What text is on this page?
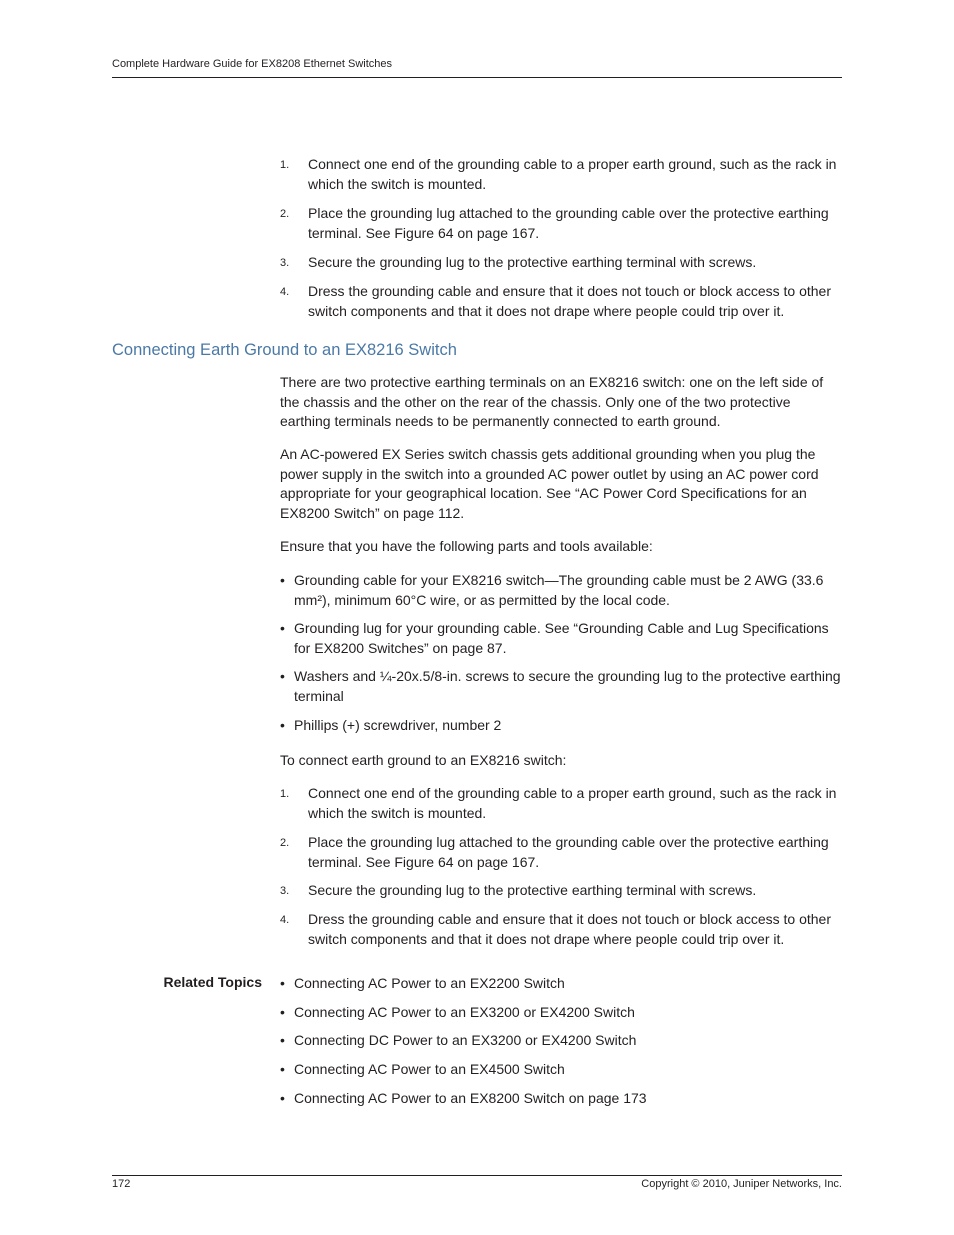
Complete Hardware Guide for EX8208 Ethernet Switches
1. Connect one end of the grounding cable to a proper earth ground, such as the rack in which the switch is mounted.
2. Place the grounding lug attached to the grounding cable over the protective earthing terminal. See Figure 64 on page 167.
3. Secure the grounding lug to the protective earthing terminal with screws.
4. Dress the grounding cable and ensure that it does not touch or block access to other switch components and that it does not drape where people could trip over it.
Connecting Earth Ground to an EX8216 Switch

There are two protective earthing terminals on an EX8216 switch: one on the left side of the chassis and the other on the rear of the chassis. Only one of the two protective earthing terminals needs to be permanently connected to earth ground.

An AC-powered EX Series switch chassis gets additional grounding when you plug the power supply in the switch into a grounded AC power outlet by using an AC power cord appropriate for your geographical location. See “AC Power Cord Specifications for an EX8200 Switch” on page 112.

Ensure that you have the following parts and tools available:

• Grounding cable for your EX8216 switch—The grounding cable must be 2 AWG (33.6 mm²), minimum 60°C wire, or as permitted by the local code.
• Grounding lug for your grounding cable. See “Grounding Cable and Lug Specifications for EX8200 Switches” on page 87.
• Washers and ¼-20x.5/8-in. screws to secure the grounding lug to the protective earthing terminal
• Phillips (+) screwdriver, number 2

To connect earth ground to an EX8216 switch:

1. Connect one end of the grounding cable to a proper earth ground, such as the rack in which the switch is mounted.
2. Place the grounding lug attached to the grounding cable over the protective earthing terminal. See Figure 64 on page 167.
3. Secure the grounding lug to the protective earthing terminal with screws.
4. Dress the grounding cable and ensure that it does not touch or block access to other switch components and that it does not drape where people could trip over it.
Related Topics • Connecting AC Power to an EX2200 Switch
• Connecting AC Power to an EX3200 or EX4200 Switch
• Connecting DC Power to an EX3200 or EX4200 Switch
• Connecting AC Power to an EX4500 Switch
• Connecting AC Power to an EX8200 Switch on page 173
172	Copyright © 2010, Juniper Networks, Inc.
